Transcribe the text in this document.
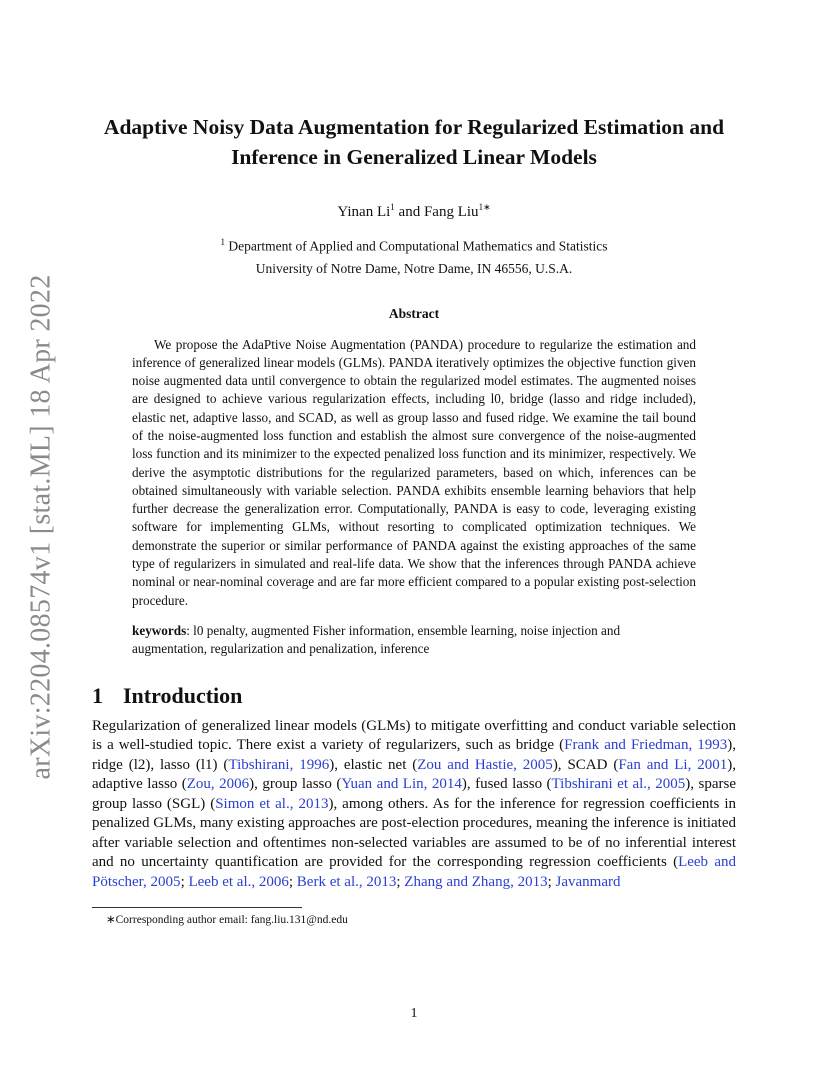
arXiv:2204.08574v1 [stat.ML] 18 Apr 2022
Adaptive Noisy Data Augmentation for Regularized Estimation and Inference in Generalized Linear Models
Yinan Li$^1$ and Fang Liu$^{1∗}$
$^1$ Department of Applied and Computational Mathematics and Statistics
University of Notre Dame, Notre Dame, IN 46556, U.S.A.
Abstract

We propose the AdaPtive Noise Augmentation (PANDA) procedure to regularize the estimation and inference of generalized linear models (GLMs). PANDA iteratively optimizes the objective function given noise augmented data until convergence to obtain the regularized model estimates. The augmented noises are designed to achieve various regularization effects, including l0, bridge (lasso and ridge included), elastic net, adaptive lasso, and SCAD, as well as group lasso and fused ridge. We examine the tail bound of the noise-augmented loss function and establish the almost sure convergence of the noise-augmented loss function and its minimizer to the expected penalized loss function and its minimizer, respectively. We derive the asymptotic distributions for the regularized parameters, based on which, inferences can be obtained simultaneously with variable selection. PANDA exhibits ensemble learning behaviors that help further decrease the generalization error. Computationally, PANDA is easy to code, leveraging existing software for implementing GLMs, without resorting to complicated optimization techniques. We demonstrate the superior or similar performance of PANDA against the existing approaches of the same type of regularizers in simulated and real-life data. We show that the inferences through PANDA achieve nominal or near-nominal coverage and are far more efficient compared to a popular existing post-selection procedure.

keywords: l0 penalty, augmented Fisher information, ensemble learning, noise injection and augmentation, regularization and penalization, inference

1 Introduction

Regularization of generalized linear models (GLMs) to mitigate overfitting and conduct variable selection is a well-studied topic. There exist a variety of regularizers, such as bridge (Frank and Friedman, 1993), ridge (l2), lasso (l1) (Tibshirani, 1996), elastic net (Zou and Hastie, 2005), SCAD (Fan and Li, 2001), adaptive lasso (Zou, 2006), group lasso (Yuan and Lin, 2014), fused lasso (Tibshirani et al., 2005), sparse group lasso (SGL) (Simon et al., 2013), among others. As for the inference for regression coefficients in penalized GLMs, many existing approaches are post-election procedures, meaning the inference is initiated after variable selection and oftentimes non-selected variables are assumed to be of no inferential interest and no uncertainty quantification are provided for the corresponding regression coefficients (Leeb and Pötscher, 2005; Leeb et al., 2006; Berk et al., 2013; Zhang and Zhang, 2013; Javanmard

∗Corresponding author email: fang.liu.131@nd.edu
1
